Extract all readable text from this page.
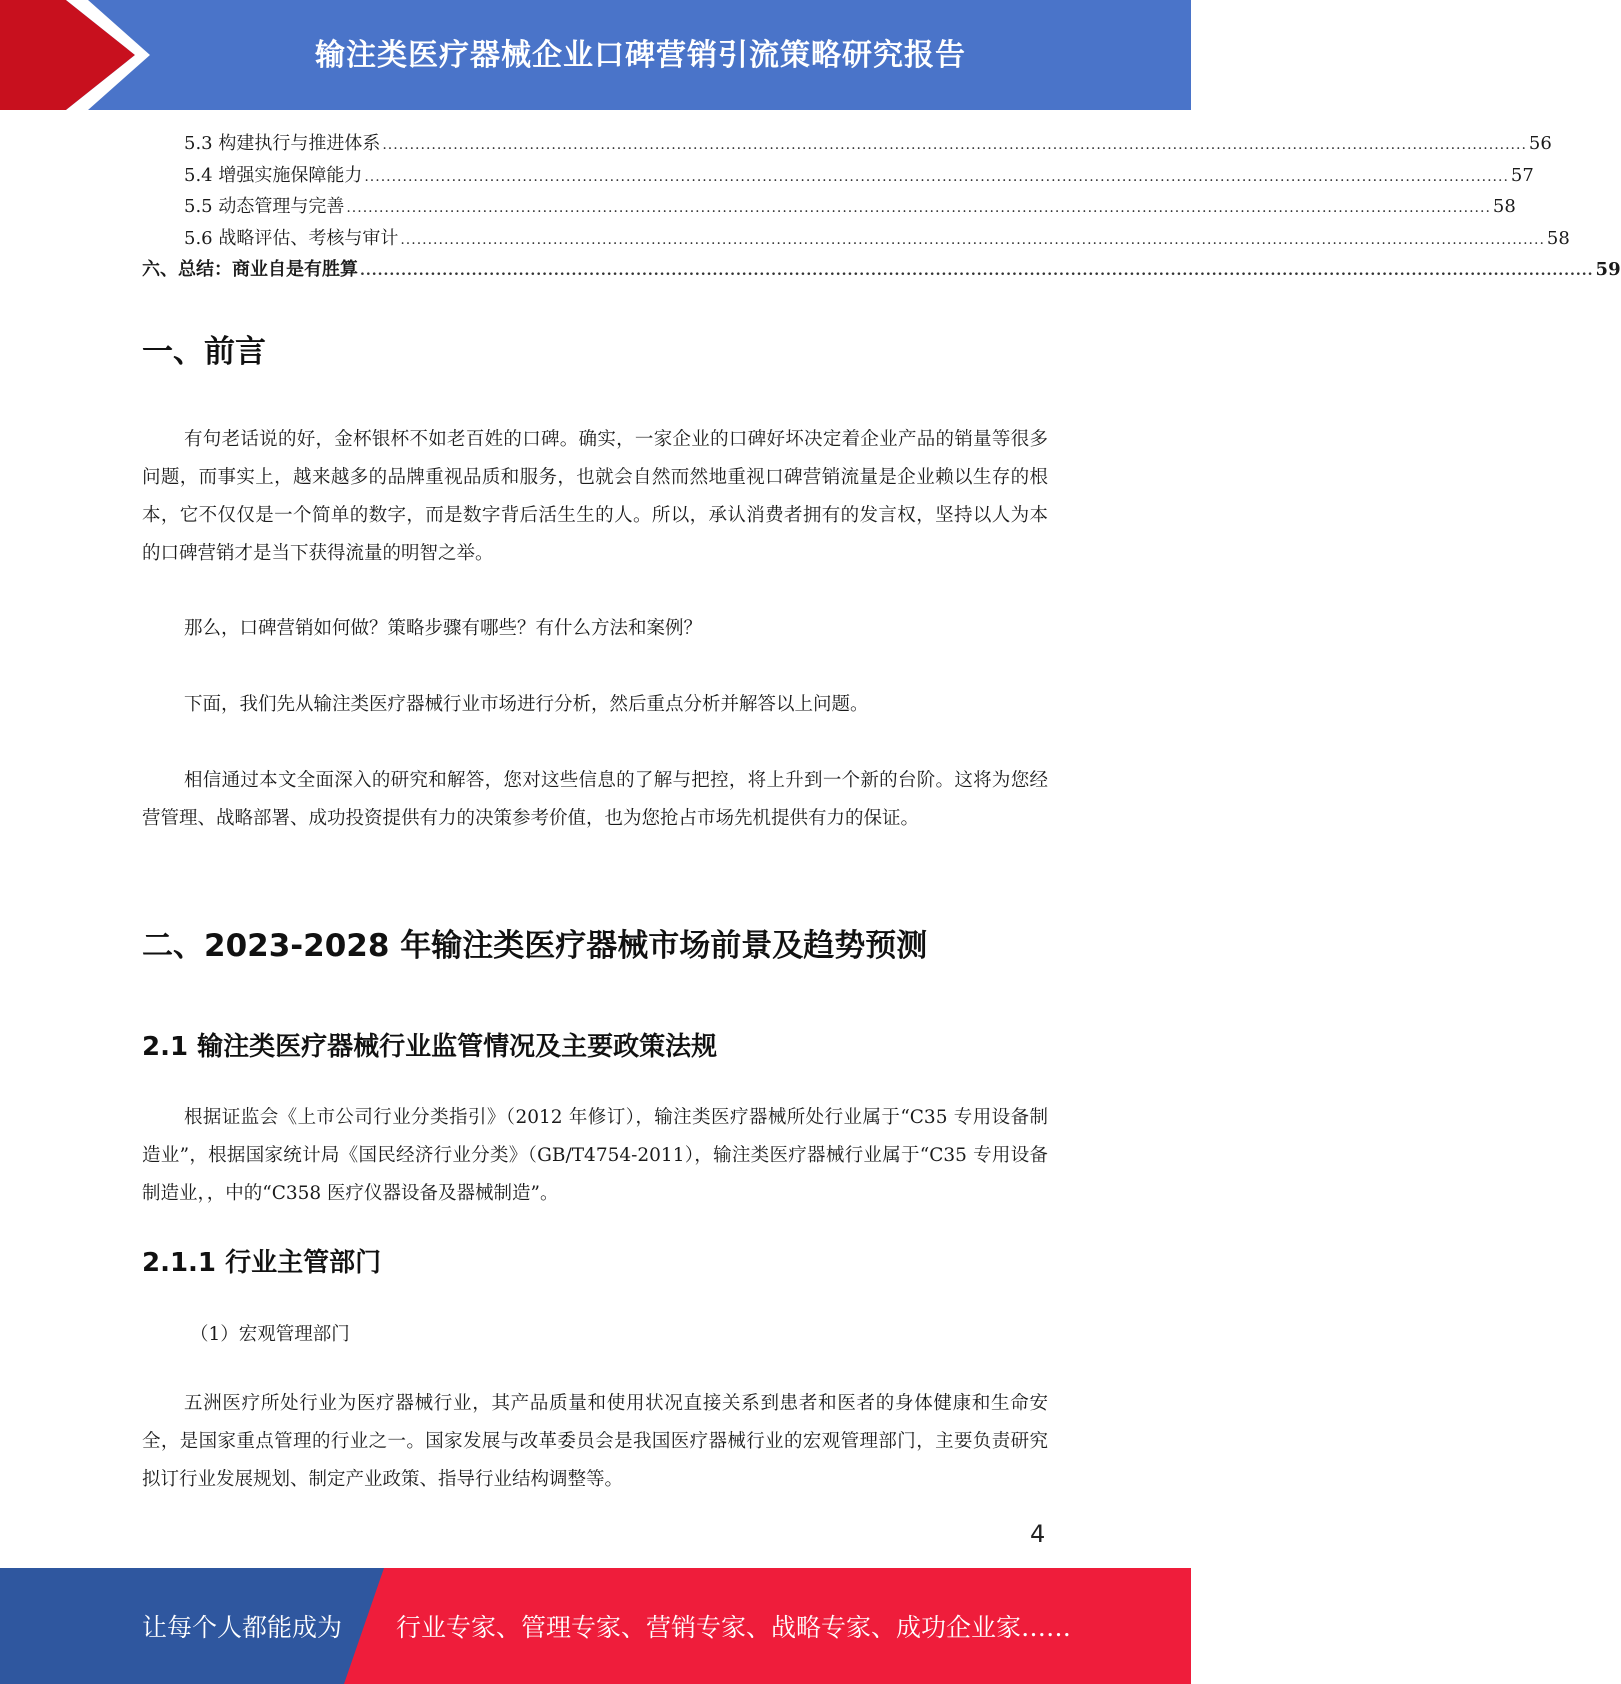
输注类医疗器械企业口碑营销引流策略研究报告
5.3 构建执行与推进体系 .................................................................................................................................................................................................................. 56
5.4 增强实施保障能力 .................................................................................................................................................................................................................. 57
5.5 动态管理与完善 .................................................................................................................................................................................................................. 58
5.6 战略评估、考核与审计 .................................................................................................................................................................................................................. 58
六、总结：商业自是有胜算 .................................................................................................................................................................................................................. 59
一、前言

有句老话说的好，金杯银杯不如老百姓的口碑。确实，一家企业的口碑好坏决定着企业产品的销量等很多问题，而事实上，越来越多的品牌重视品质和服务，也就会自然而然地重视口碑营销流量是企业赖以生存的根本，它不仅仅是一个简单的数字，而是数字背后活生生的人。所以，承认消费者拥有的发言权，坚持以人为本的口碑营销才是当下获得流量的明智之举。

那么，口碑营销如何做？策略步骤有哪些？有什么方法和案例？

下面，我们先从输注类医疗器械行业市场进行分析，然后重点分析并解答以上问题。

相信通过本文全面深入的研究和解答，您对这些信息的了解与把控，将上升到一个新的台阶。这将为您经营管理、战略部署、成功投资提供有力的决策参考价值，也为您抢占市场先机提供有力的保证。

二、2023-2028 年输注类医疗器械市场前景及趋势预测
2.1 输注类医疗器械行业监管情况及主要政策法规

根据证监会《上市公司行业分类指引》（2012 年修订），输注类医疗器械所处行业属于“C35 专用设备制造业”，根据国家统计局《国民经济行业分类》（GB/T4754-2011），输注类医疗器械行业属于“C35 专用设备制造业，，中的“C358 医疗仪器设备及器械制造”。

2.1.1 行业主管部门
（1）宏观管理部门

五洲医疗所处行业为医疗器械行业，其产品质量和使用状况直接关系到患者和医者的身体健康和生命安全，是国家重点管理的行业之一。国家发展与改革委员会是我国医疗器械行业的宏观管理部门，主要负责研究拟订行业发展规划、制定产业政策、指导行业结构调整等。

4
让每个人都能成为 行业专家、管理专家、营销专家、战略专家、成功企业家……
